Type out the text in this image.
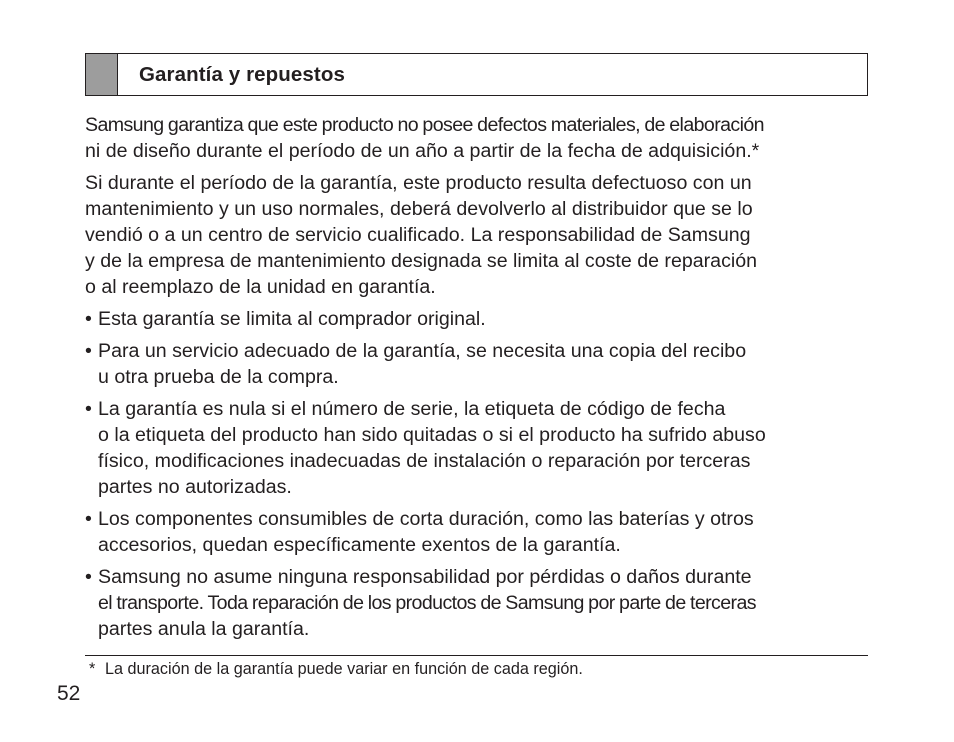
Garantía y repuestos

Samsung garantiza que este producto no posee defectos materiales, de elaboración
ni de diseño durante el período de un año a partir de la fecha de adquisición.*

Si durante el período de la garantía, este producto resulta defectuoso con un
mantenimiento y un uso normales, deberá devolverlo al distribuidor que se lo
vendió o a un centro de servicio cualificado. La responsabilidad de Samsung
y de la empresa de mantenimiento designada se limita al coste de reparación
o al reemplazo de la unidad en garantía.

• Esta garantía se limita al comprador original.
• Para un servicio adecuado de la garantía, se necesita una copia del recibo
u otra prueba de la compra.
• La garantía es nula si el número de serie, la etiqueta de código de fecha
o la etiqueta del producto han sido quitadas o si el producto ha sufrido abuso
físico, modificaciones inadecuadas de instalación o reparación por terceras
partes no autorizadas.
• Los componentes consumibles de corta duración, como las baterías y otros
accesorios, quedan específicamente exentos de la garantía.
• Samsung no asume ninguna responsabilidad por pérdidas o daños durante
el transporte. Toda reparación de los productos de Samsung por parte de terceras
partes anula la garantía.
* La duración de la garantía puede variar en función de cada región.
52
